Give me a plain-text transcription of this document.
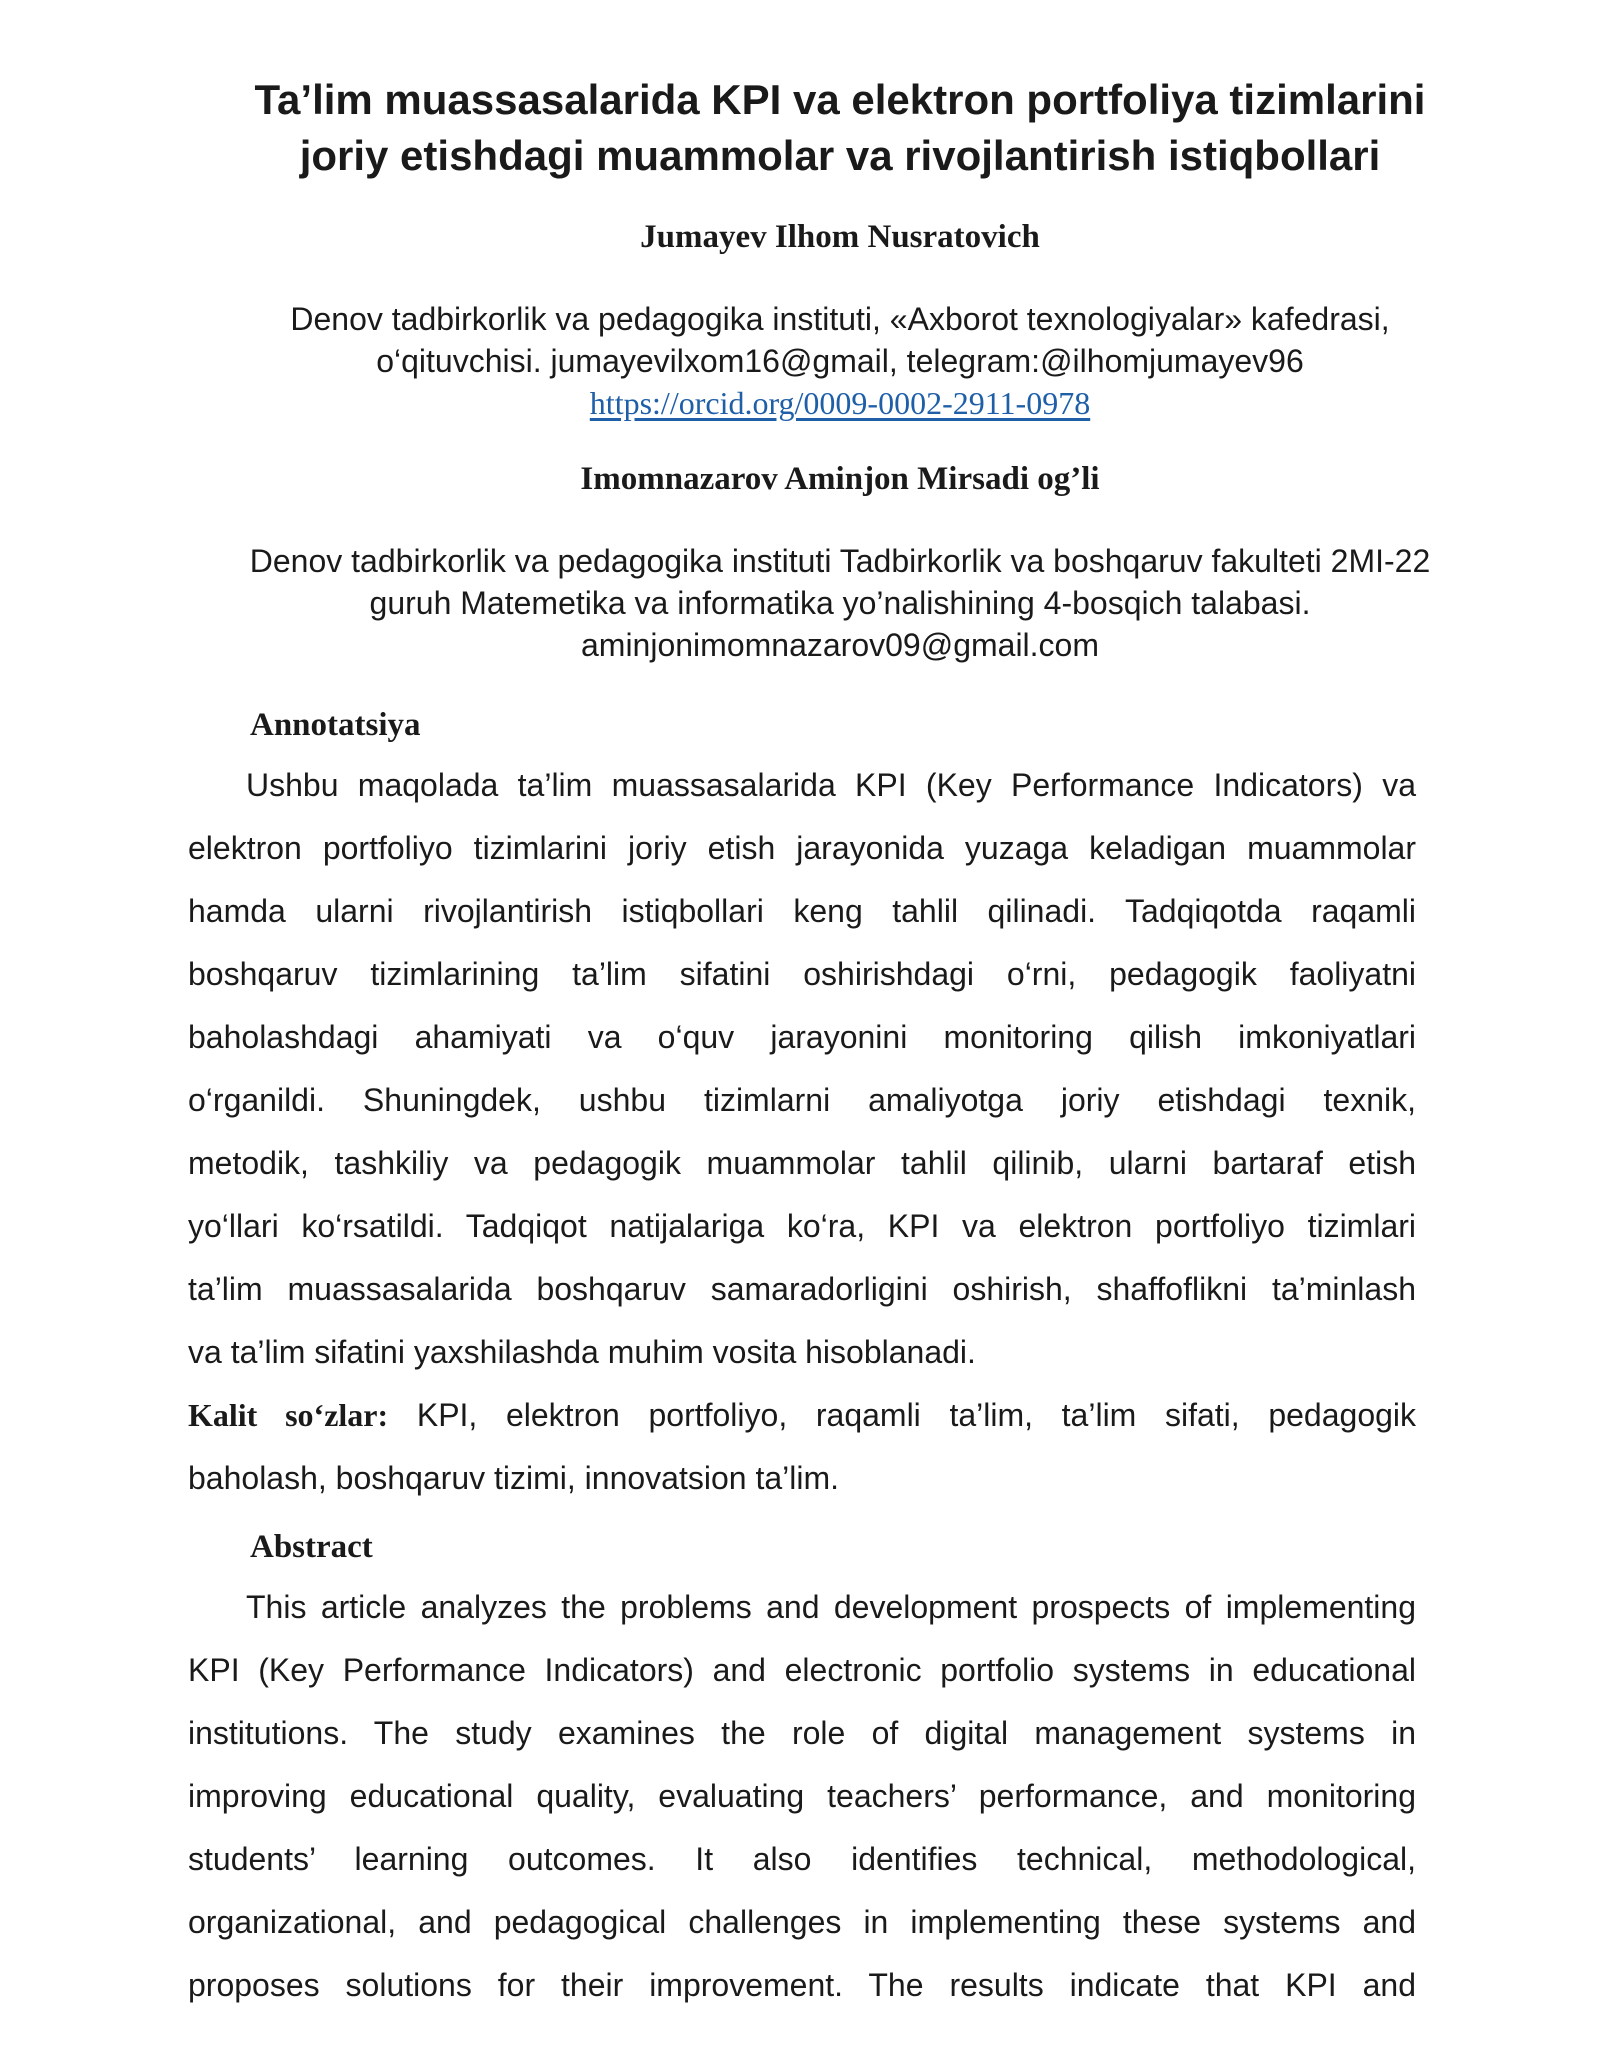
Ta’lim muassasalarida KPI va elektron portfoliya tizimlarini
joriy etishdagi muammolar va rivojlantirish istiqbollari

Jumayev Ilhom Nusratovich

Denov tadbirkorlik va pedagogika instituti, «Axborot texnologiyalar» kafedrasi,
o‘qituvchisi. jumayevilxom16@gmail, telegram:@ilhomjumayev96
https://orcid.org/0009-0002-2911-0978

Imomnazarov Aminjon Mirsadi og’li

Denov tadbirkorlik va pedagogika instituti Tadbirkorlik va boshqaruv fakulteti 2MI-22
guruh Matemetika va informatika yo’nalishining 4-bosqich talabasi.
aminjonimomnazarov09@gmail.com
Annotatsiya
Ushbu maqolada ta’lim muassasalarida KPI (Key Performance Indicators) va
elektron portfoliyo tizimlarini joriy etish jarayonida yuzaga keladigan muammolar
hamda ularni rivojlantirish istiqbollari keng tahlil qilinadi. Tadqiqotda raqamli
boshqaruv tizimlarining ta’lim sifatini oshirishdagi o‘rni, pedagogik faoliyatni
baholashdagi ahamiyati va o‘quv jarayonini monitoring qilish imkoniyatlari
o‘rganildi. Shuningdek, ushbu tizimlarni amaliyotga joriy etishdagi texnik,
metodik, tashkiliy va pedagogik muammolar tahlil qilinib, ularni bartaraf etish
yo‘llari ko‘rsatildi. Tadqiqot natijalariga ko‘ra, KPI va elektron portfoliyo tizimlari
ta’lim muassasalarida boshqaruv samaradorligini oshirish, shaffoflikni ta’minlash
va ta’lim sifatini yaxshilashda muhim vosita hisoblanadi.
Kalit so‘zlar: KPI, elektron portfoliyo, raqamli ta’lim, ta’lim sifati, pedagogik
baholash, boshqaruv tizimi, innovatsion ta’lim.
Abstract
This article analyzes the problems and development prospects of implementing
KPI (Key Performance Indicators) and electronic portfolio systems in educational
institutions. The study examines the role of digital management systems in
improving educational quality, evaluating teachers’ performance, and monitoring
students’ learning outcomes. It also identifies technical, methodological,
organizational, and pedagogical challenges in implementing these systems and
proposes solutions for their improvement. The results indicate that KPI and
